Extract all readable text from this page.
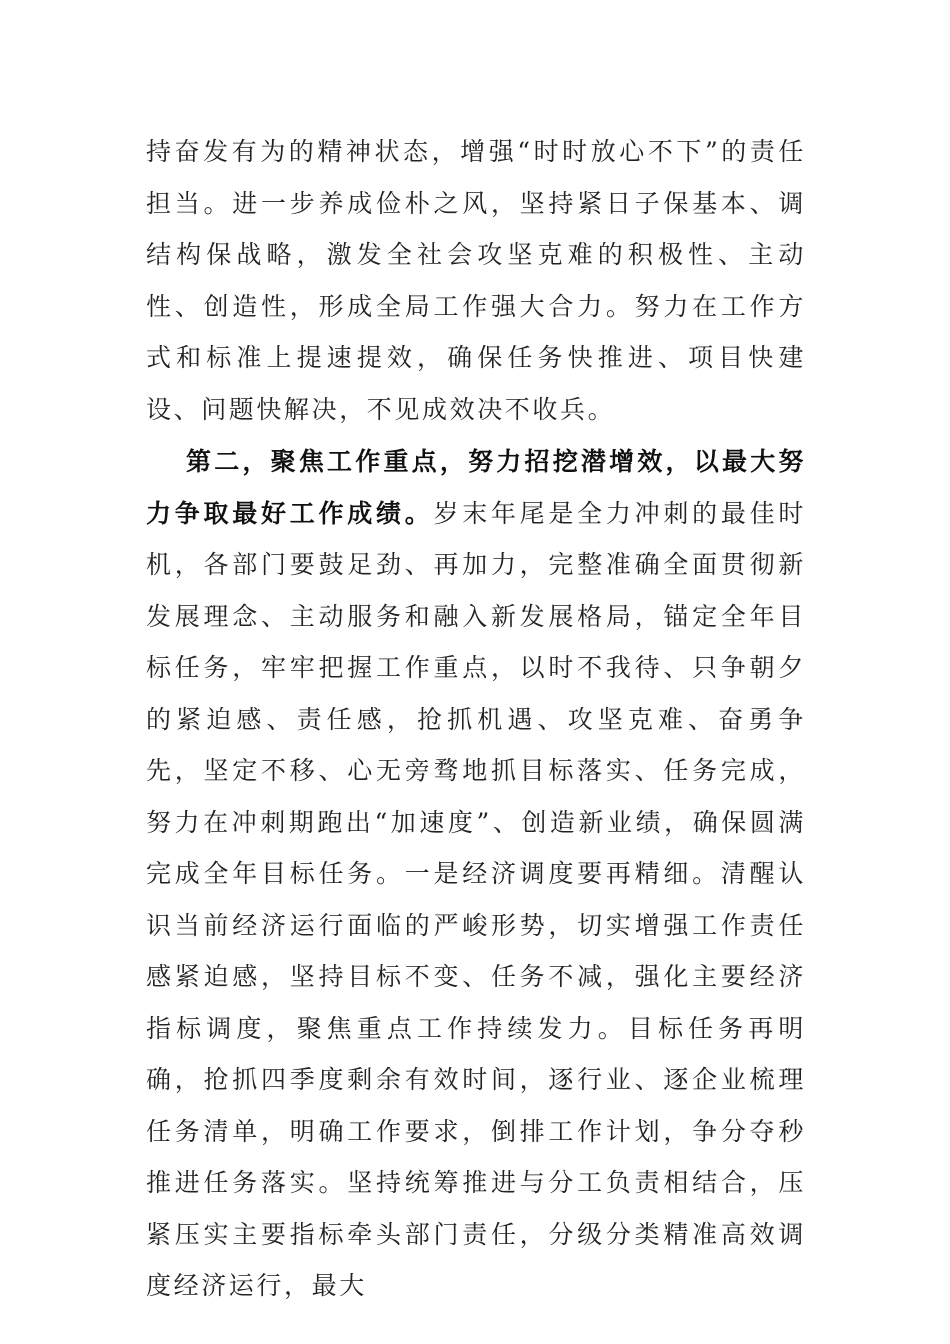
持奋发有为的精神状态，增强“时时放心不下”的责任担当。进一步养成俭朴之风，坚持紧日子保基本、调结构保战略，激发全社会攻坚克难的积极性、主动性、创造性，形成全局工作强大合力。努力在工作方式和标准上提速提效，确保任务快推进、项目快建设、问题快解决，不见成效决不收兵。

第二，聚焦工作重点，努力招挖潜增效，以最大努力争取最好工作成绩。岁末年尾是全力冲刺的最佳时机，各部门要鼓足劲、再加力，完整准确全面贯彻新发展理念、主动服务和融入新发展格局，锚定全年目标任务，牢牢把握工作重点，以时不我待、只争朝夕的紧迫感、责任感，抢抓机遇、攻坚克难、奋勇争先，坚定不移、心无旁骛地抓目标落实、任务完成，努力在冲刺期跑出“加速度”、创造新业绩，确保圆满完成全年目标任务。一是经济调度要再精细。清醒认识当前经济运行面临的严峻形势，切实增强工作责任感紧迫感，坚持目标不变、任务不减，强化主要经济指标调度，聚焦重点工作持续发力。目标任务再明确，抢抓四季度剩余有效时间，逐行业、逐企业梳理任务清单，明确工作要求，倒排工作计划，争分夺秒推进任务落实。坚持统筹推进与分工负责相结合，压紧压实主要指标牵头部门责任，分级分类精准高效调度经济运行，最大
